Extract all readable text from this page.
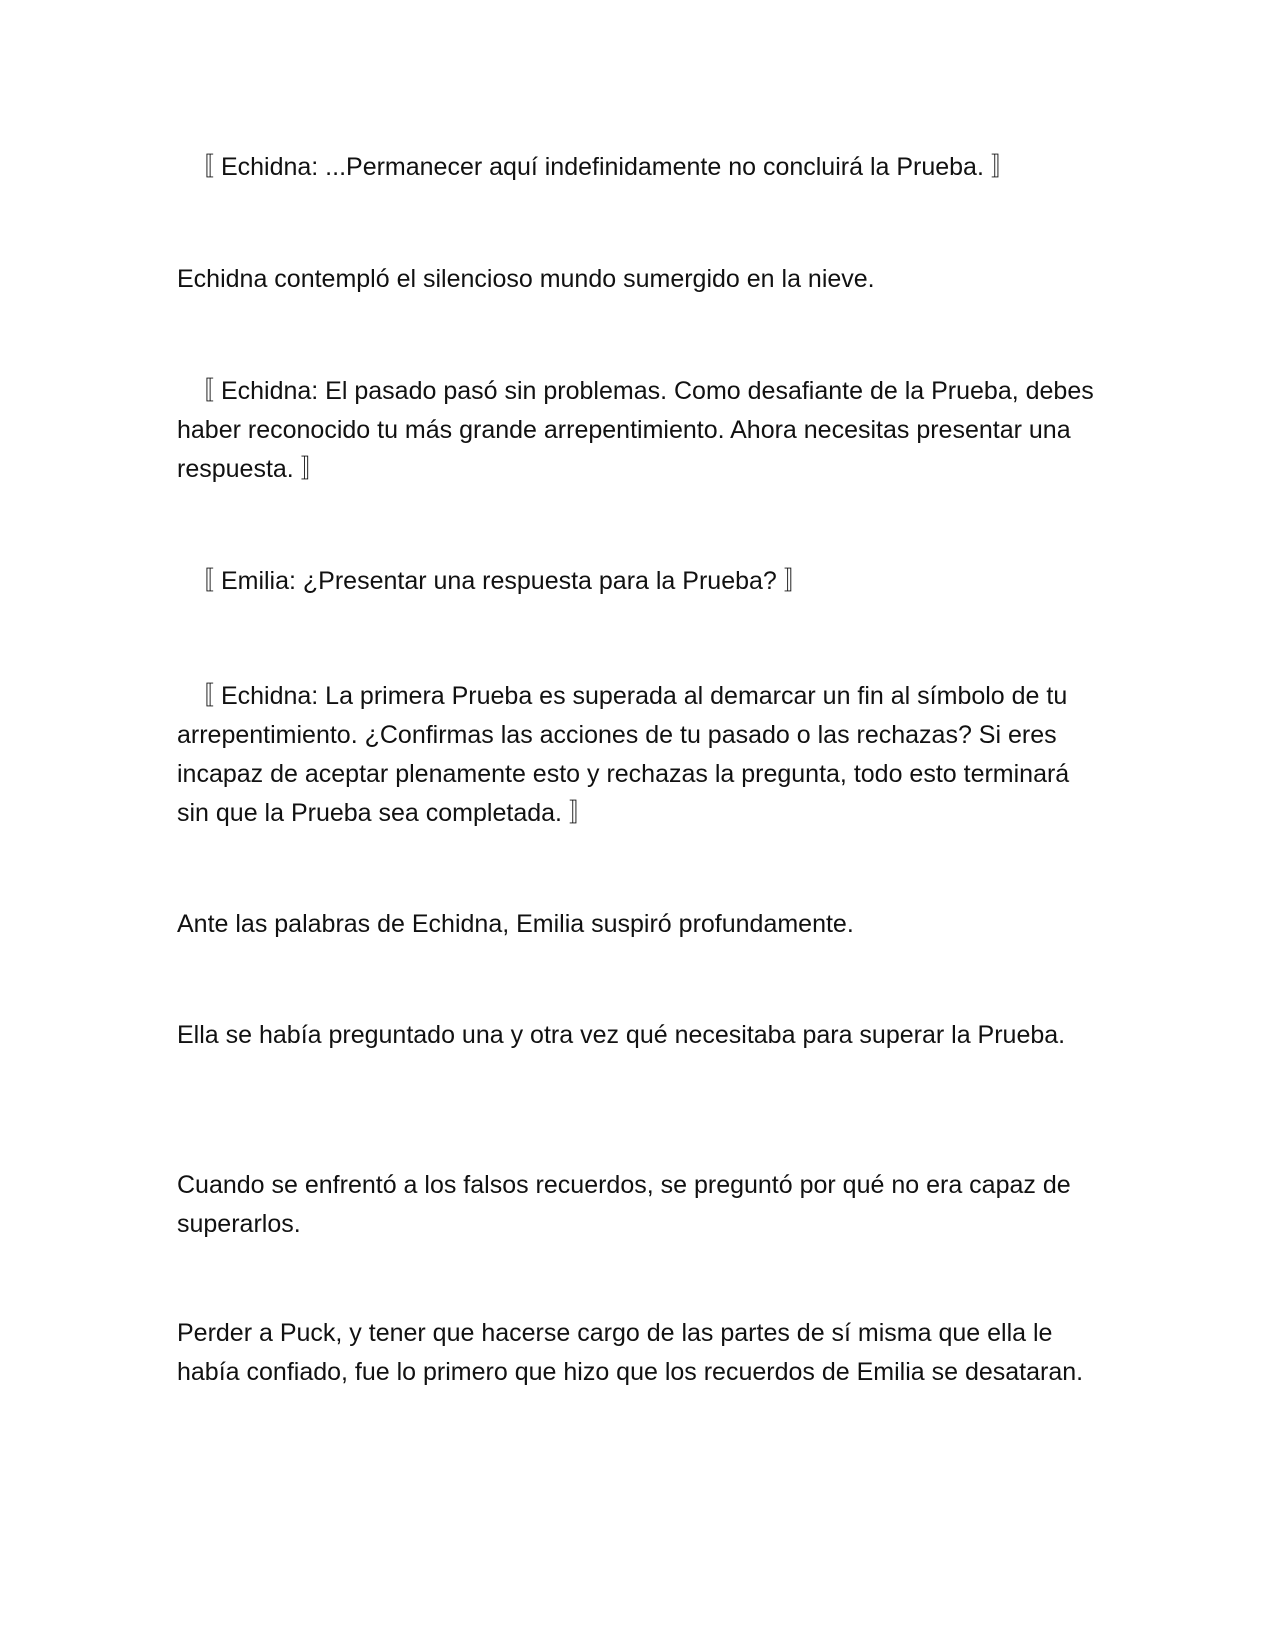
〚 Echidna: ...Permanecer aquí indefinidamente no concluirá la Prueba. 〛

Echidna contempló el silencioso mundo sumergido en la nieve.

〚 Echidna: El pasado pasó sin problemas. Como desafiante de la Prueba, debes haber reconocido tu más grande arrepentimiento. Ahora necesitas presentar una respuesta. 〛

〚 Emilia: ¿Presentar una respuesta para la Prueba? 〛

〚 Echidna: La primera Prueba es superada al demarcar un fin al símbolo de tu arrepentimiento. ¿Confirmas las acciones de tu pasado o las rechazas? Si eres incapaz de aceptar plenamente esto y rechazas la pregunta, todo esto terminará sin que la Prueba sea completada. 〛

Ante las palabras de Echidna, Emilia suspiró profundamente.

Ella se había preguntado una y otra vez qué necesitaba para superar la Prueba.

Cuando se enfrentó a los falsos recuerdos, se preguntó por qué no era capaz de superarlos.

Perder a Puck, y tener que hacerse cargo de las partes de sí misma que ella le había confiado, fue lo primero que hizo que los recuerdos de Emilia se desataran.
